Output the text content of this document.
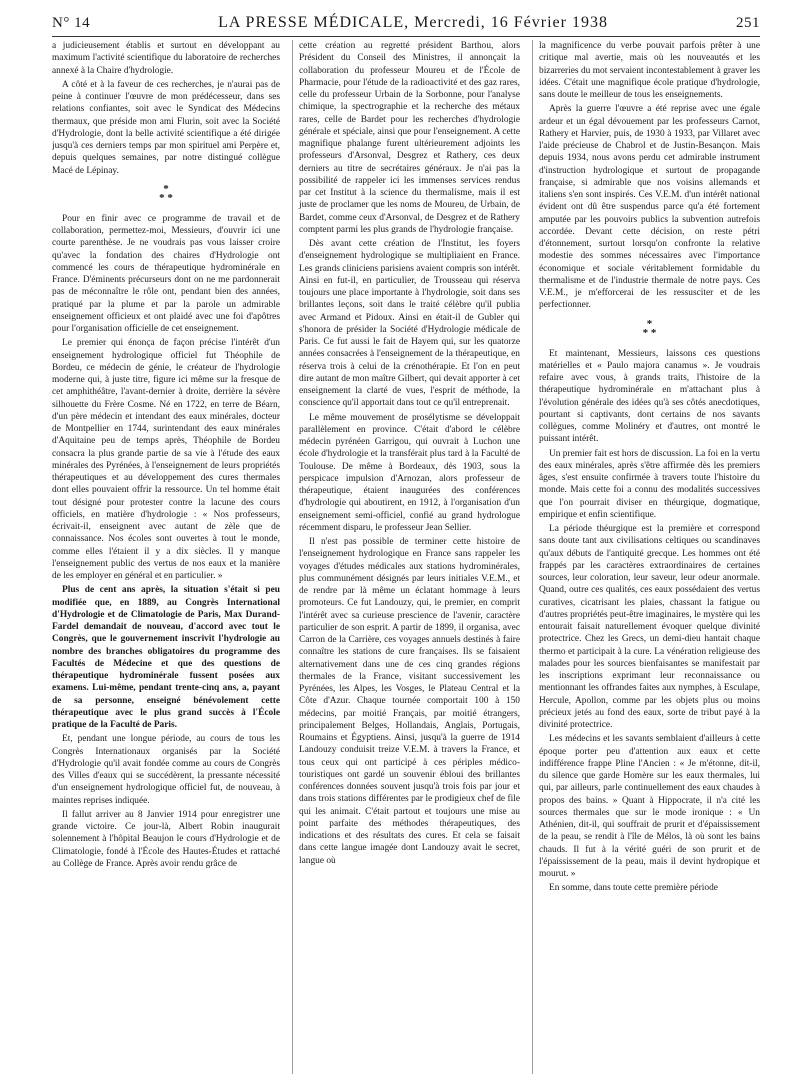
N° 14	LA PRESSE MÉDICALE, Mercredi, 16 Février 1938	251

a judicieusement établis et surtout en développant au maximum l'activité scientifique du laboratoire de recherches annexé à la Chaire d'hydrologie.

A côté et à la faveur de ces recherches, je n'aurai pas de peine à continuer l'œuvre de mon prédécesseur, dans ses relations confiantes, soit avec le Syndicat des Médecins thermaux, que préside mon ami Flurin, soit avec la Société d'Hydrologie, dont la belle activité scientifique a été dirigée jusqu'à ces derniers temps par mon spirituel ami Perpère et, depuis quelques semaines, par notre distingué collègue Macé de Lépinay.

*
* *

Pour en finir avec ce programme de travail et de collaboration, permettez-moi, Messieurs, d'ouvrir ici une courte parenthèse. Je ne voudrais pas vous laisser croire qu'avec la fondation des chaires d'Hydrologie ont commencé les cours de thérapeutique hydrominérale en France. D'éminents précurseurs dont on ne me pardonnerait pas de méconnaître le rôle ont, pendant bien des années, pratiqué par la plume et par la parole un admirable enseignement officieux et ont plaidé avec une foi d'apôtres pour l'organisation officielle de cet enseignement.

Le premier qui énonça de façon précise l'intérêt d'un enseignement hydrologique officiel fut Théophile de Bordeu, ce médecin de génie, le créateur de l'hydrologie moderne qui, à juste titre, figure ici même sur la fresque de cet amphithéâtre, l'avant-dernier à droite, derrière la sévère silhouette du Frère Cosme. Né en 1722, en terre de Béarn, d'un père médecin et intendant des eaux minérales, docteur de Montpellier en 1744, surintendant des eaux minérales d'Aquitaine peu de temps après, Théophile de Bordeu consacra la plus grande partie de sa vie à l'étude des eaux minérales des Pyrénées, à l'enseignement de leurs propriétés thérapeutiques et au développement des cures thermales dont elles pouvaient offrir la ressource. Un tel homme était tout désigné pour protester contre la lacune des cours officiels, en matière d'hydrologie : « Nos professeurs, écrivait-il, enseignent avec autant de zèle que de connaissance. Nos écoles sont ouvertes à tout le monde, comme elles l'étaient il y a dix siècles. Il y manque l'enseignement public des vertus de nos eaux et la manière de les employer en général et en particulier. »

Plus de cent ans après, la situation s'était si peu modifiée que, en 1889, au Congrès International d'Hydrologie et de Climatologie de Paris, Max Durand-Fardel demandait de nouveau, d'accord avec tout le Congrès, que le gouvernement inscrivît l'hydrologie au nombre des branches obligatoires du programme des Facultés de Médecine et que des questions de thérapeutique hydrominérale fussent posées aux examens. Lui-même, pendant trente-cinq ans, a, payant de sa personne, enseigné bénévolement cette thérapeutique avec le plus grand succès à l'École pratique de la Faculté de Paris.

Et, pendant une longue période, au cours de tous les Congrès Internationaux organisés par la Société d'Hydrologie qu'il avait fondée comme au cours de Congrès des Villes d'eaux qui se succédèrent, la pressante nécessité d'un enseignement hydrologique officiel fut, de nouveau, à maintes reprises indiquée.

Il fallut arriver au 8 Janvier 1914 pour enregistrer une grande victoire. Ce jour-là, Albert Robin inaugurait solennement à l'hôpital Beaujon le cours d'Hydrologie et de Climatologie, fondé à l'École des Hautes-Études et rattaché au Collège de France. Après avoir rendu grâce de

cette création au regretté président Barthou, alors Président du Conseil des Ministres, il annonçait la collaboration du professeur Moureu et de l'École de Pharmacie, pour l'étude de la radioactivité et des gaz rares, celle du professeur Urbain de la Sorbonne, pour l'analyse chimique, la spectrographie et la recherche des métaux rares, celle de Bardet pour les recherches d'hydrologie générale et spéciale, ainsi que pour l'enseignement. A cette magnifique phalange furent ultérieurement adjoints les professeurs d'Arsonval, Desgrez et Rathery, ces deux derniers au titre de secrétaires généraux. Je n'ai pas la possibilité de rappeler ici les immenses services rendus par cet Institut à la science du thermalisme, mais il est juste de proclamer que les noms de Moureu, de Urbain, de Bardet, comme ceux d'Arsonval, de Desgrez et de Rathery comptent parmi les plus grands de l'hydrologie française.

Dès avant cette création de l'Institut, les foyers d'enseignement hydrologique se multipliaient en France. Les grands cliniciens parisiens avaient compris son intérêt. Ainsi en fut-il, en particulier, de Trousseau qui réserva toujours une place importante à l'hydrologie, soit dans ses brillantes leçons, soit dans le traité célèbre qu'il publia avec Armand et Pidoux. Ainsi en était-il de Gubler qui s'honora de présider la Société d'Hydrologie médicale de Paris. Ce fut aussi le fait de Hayem qui, sur les quatorze années consacrées à l'enseignement de la thérapeutique, en réserva trois à celui de la crénothérapie. Et l'on en peut dire autant de mon maître Gilbert, qui devait apporter à cet enseignement la clarté de vues, l'esprit de méthode, la conscience qu'il apportait dans tout ce qu'il entreprenait.

Le même mouvement de prosélytisme se développait parallèlement en province. C'était d'abord le célèbre médecin pyrénéen Garrigou, qui ouvrait à Luchon une école d'hydrologie et la transférait plus tard à la Faculté de Toulouse. De même à Bordeaux, dès 1903, sous la perspicace impulsion d'Arnozan, alors professeur de thérapeutique, étaient inaugurées des conférences d'hydrologie qui aboutirent, en 1912, à l'organisation d'un enseignement semi-officiel, confié au grand hydrologue récemment disparu, le professeur Jean Sellier.

Il n'est pas possible de terminer cette histoire de l'enseignement hydrologique en France sans rappeler les voyages d'études médicales aux stations hydrominérales, plus communément désignés par leurs initiales V.E.M., et de rendre par là même un éclatant hommage à leurs promoteurs. Ce fut Landouzy, qui, le premier, en comprit l'intérêt avec sa curieuse prescience de l'avenir, caractère particulier de son esprit. A partir de 1899, il organisa, avec Carron de la Carrière, ces voyages annuels destinés à faire connaître les stations de cure françaises. Ils se faisaient alternativement dans une de ces cinq grandes régions thermales de la France, visitant successivement les Pyrénées, les Alpes, les Vosges, le Plateau Central et la Côte d'Azur. Chaque tournée comportait 100 à 150 médecins, par moitié Français, par moitié étrangers, principalement Belges, Hollandais, Anglais, Portugais, Roumains et Égyptiens. Ainsi, jusqu'à la guerre de 1914 Landouzy conduisit treize V.E.M. à travers la France, et tous ceux qui ont participé à ces périples médico-touristiques ont gardé un souvenir ébloui des brillantes conférences données souvent jusqu'à trois fois par jour et dans trois stations différentes par le prodigieux chef de file qui les animait. C'était partout et toujours une mise au point parfaite des méthodes thérapeutiques, des indications et des résultats des cures. Et cela se faisait dans cette langue imagée dont Landouzy avait le secret, langue où

la magnificence du verbe pouvait parfois prêter à une critique mal avertie, mais où les nouveautés et les bizarreries du mot servaient incontestablement à graver les idées. C'était une magnifique école pratique d'hydrologie, sans doute le meilleur de tous les enseignements.

Après la guerre l'œuvre a été reprise avec une égale ardeur et un égal dévouement par les professeurs Carnot, Rathery et Harvier, puis, de 1930 à 1933, par Villaret avec l'aide précieuse de Chabrol et de Justin-Besançon. Mais depuis 1934, nous avons perdu cet admirable instrument d'instruction hydrologique et surtout de propagande française, si admirable que nos voisins allemands et italiens s'en sont inspirés. Ces V.E.M. d'un intérêt national évident ont dû être suspendus parce qu'a été fortement amputée par les pouvoirs publics la subvention autrefois accordée. Devant cette décision, on reste pétri d'étonnement, surtout lorsqu'on confronte la relative modestie des sommes nécessaires avec l'importance économique et sociale véritablement formidable du thermalisme et de l'industrie thermale de notre pays. Ces V.E.M., je m'efforcerai de les ressusciter et de les perfectionner.

*
* *

Et maintenant, Messieurs, laissons ces questions matérielles et « Paulo majora canamus ». Je voudrais refaire avec vous, à grands traits, l'histoire de la thérapeutique hydrominérale en m'attachant plus à l'évolution générale des idées qu'à ses côtés anecdotiques, pourtant si captivants, dont certains de nos savants collègues, comme Molinéry et d'autres, ont montré le puissant intérêt.

Un premier fait est hors de discussion. La foi en la vertu des eaux minérales, après s'être affirmée dès les premiers âges, s'est ensuite confirmée à travers toute l'histoire du monde. Mais cette foi a connu des modalités successives que l'on pourrait diviser en théurgique, dogmatique, empirique et enfin scientifique.

La période théurgique est la première et correspond sans doute tant aux civilisations celtiques ou scandinaves qu'aux débuts de l'antiquité grecque. Les hommes ont été frappés par les caractères extraordinaires de certaines sources, leur coloration, leur saveur, leur odeur anormale. Quand, outre ces qualités, ces eaux possédaient des vertus curatives, cicatrisant les plaies, chassant la fatigue ou d'autres propriétés peut-être imaginaires, le mystère qui les entourait faisait naturellement évoquer quelque divinité protectrice. Chez les Grecs, un demi-dieu hantait chaque thermo et participait à la cure. La vénération religieuse des malades pour les sources bienfaisantes se manifestait par les inscriptions exprimant leur reconnaissance ou mentionnant les offrandes faites aux nymphes, à Esculape, Hercule, Apollon, comme par les objets plus ou moins précieux jetés au fond des eaux, sorte de tribut payé à la divinité protectrice.

Les médecins et les savants semblaient d'ailleurs à cette époque porter peu d'attention aux eaux et cette indifférence frappe Pline l'Ancien : « Je m'étonne, dit-il, du silence que garde Homère sur les eaux thermales, lui qui, par ailleurs, parle continuellement des eaux chaudes à propos des bains. » Quant à Hippocrate, il n'a cité les sources thermales que sur le mode ironique : « Un Athénien, dit-il, qui souffrait de prurit et d'épaississement de la peau, se rendit à l'île de Mélos, là où sont les bains chauds. Il fut à la vérité guéri de son prurit et de l'épaississement de la peau, mais il devint hydropique et mourut. »

En somme, dans toute cette première période
